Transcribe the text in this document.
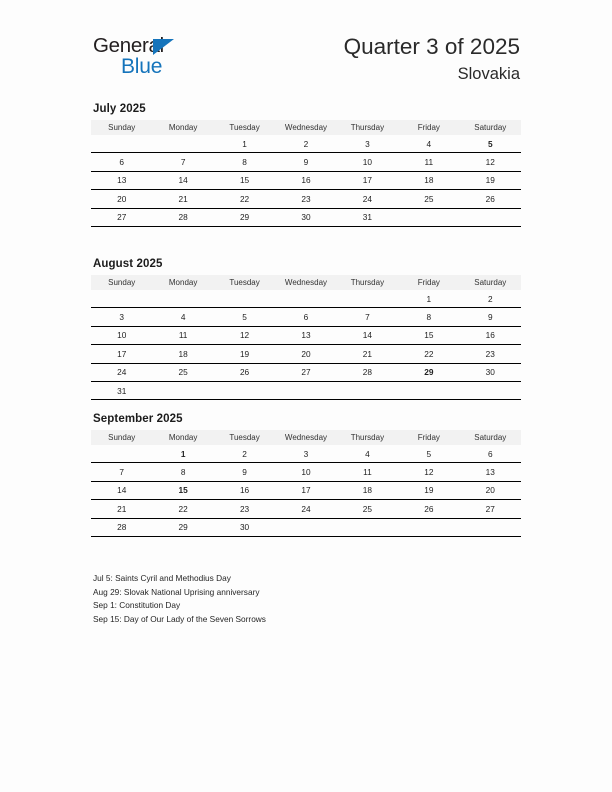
General
Blue
Quarter 3 of 2025
Slovakia
July 2025
Sunday	Monday	Tuesday	Wednesday	Thursday	Friday	Saturday
		1	2	3	4	5
6	7	8	9	10	11	12
13	14	15	16	17	18	19
20	21	22	23	24	25	26
27	28	29	30	31		
August 2025
Sunday	Monday	Tuesday	Wednesday	Thursday	Friday	Saturday
					1	2
3	4	5	6	7	8	9
10	11	12	13	14	15	16
17	18	19	20	21	22	23
24	25	26	27	28	29	30
31						
September 2025
Sunday	Monday	Tuesday	Wednesday	Thursday	Friday	Saturday
	1	2	3	4	5	6
7	8	9	10	11	12	13
14	15	16	17	18	19	20
21	22	23	24	25	26	27
28	29	30				
Jul 5: Saints Cyril and Methodius Day
Aug 29: Slovak National Uprising anniversary
Sep 1: Constitution Day
Sep 15: Day of Our Lady of the Seven Sorrows
